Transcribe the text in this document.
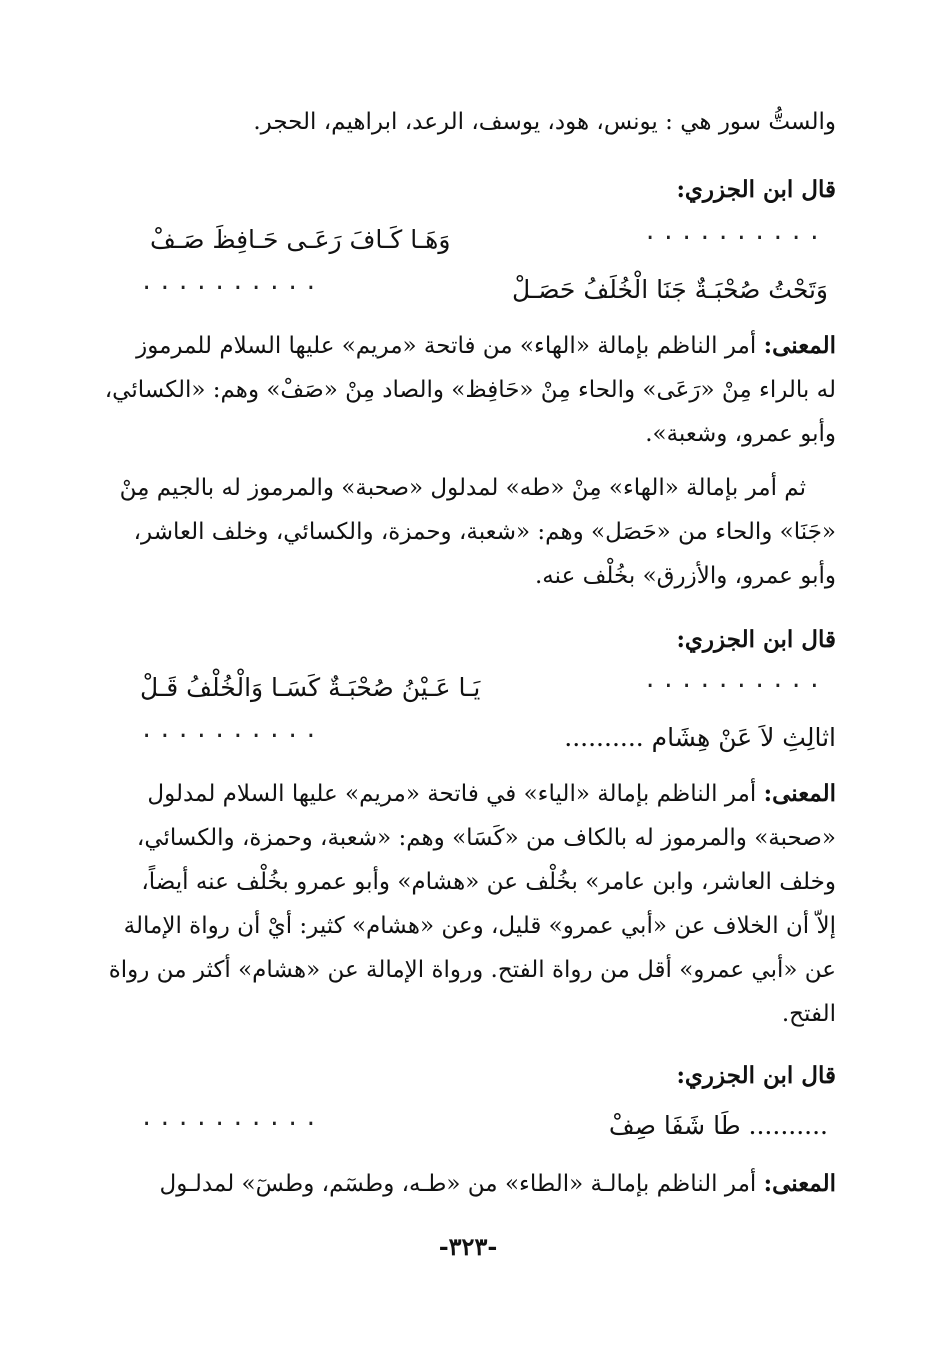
والستُّ سور هي : يونس، هود، يوسف، الرعد، ابراهيم، الحجر.
قال ابن الجزري:
وَهَـا كَـافَ رَعَـى حَـافِظَ صَـفْ	..........
وَتَحْتُ صُحْبَـةٌ جَنَا الْخُلَفُ حَصَـلْ
..........
المعنى: أمر الناظم بإمالة «الهاء» من فاتحة «مريم» عليها السلام للمرموز
له بالراء مِنْ «رَعَى» والحاء مِنْ «حَافِظ» والصاد مِنْ «صَفْ» وهم: «الكسائي،
وأبو عمرو، وشعبة».
ثم أمر بإمالة «الهاء» مِنْ «طه» لمدلول «صحبة» والمرموز له بالجيم مِنْ
«جَنَا» والحاء من «حَصَل» وهم: «شعبة، وحمزة، والكسائي، وخلف العاشر،
وأبو عمرو، والأزرق» بخُلْف عنه.
قال ابن الجزري:
يَـا عَـيْنُ صُحْبَـةٌ كَسَـا وَالْخُلْفُ قَـلْ	..........
اثالِثِ لاَ عَنْ هِشَام ..........
..........
المعنى: أمر الناظم بإمالة «الياء» في فاتحة «مريم» عليها السلام لمدلول
«صحبة» والمرموز له بالكاف من «كَسَا» وهم: «شعبة، وحمزة، والكسائي،
وخلف العاشر، وابن عامر» بخُلْف عن «هشام» وأبو عمرو بخُلْف عنه أيضاً،
إلاّ أن الخلاف عن «أبي عمرو» قليل، وعن «هشام» كثير: أيْ أن رواة الإمالة
عن «أبي عمرو» أقل من رواة الفتح. ورواة الإمالة عن «هشام» أكثر من رواة
الفتح.
قال ابن الجزري:
.......... طَا شَفَا صِفْ
..........
المعنى: أمر الناظم بإمالـة «الطاء» من «طـه، وطسٓم، وطسٓ» لمدلـول
-٣٢٣-
